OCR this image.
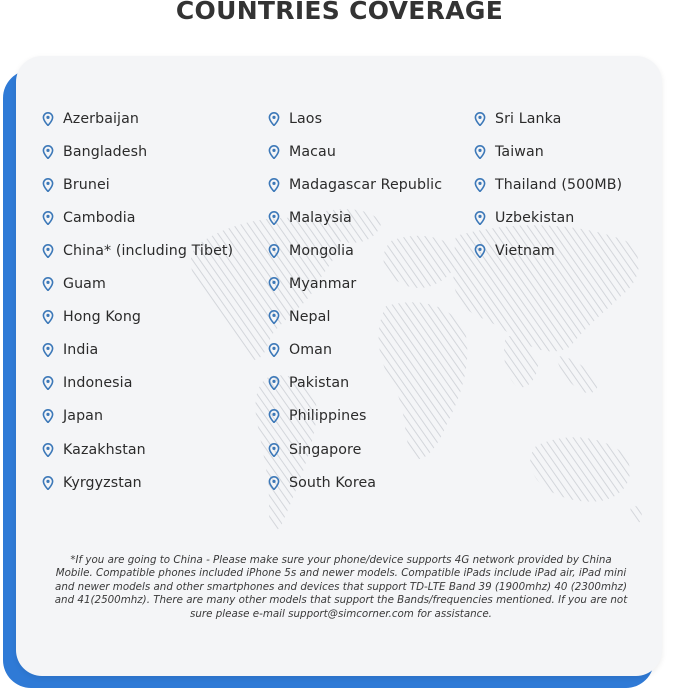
COUNTRIES COVERAGE
Azerbaijan
Bangladesh
Brunei
Cambodia
China* (including Tibet)
Guam
Hong Kong
India
Indonesia
Japan
Kazakhstan
Kyrgyzstan
Laos
Macau
Madagascar Republic
Malaysia
Mongolia
Myanmar
Nepal
Oman
Pakistan
Philippines
Singapore
South Korea
Sri Lanka
Taiwan
Thailand (500MB)
Uzbekistan
Vietnam

*If you are going to China - Please make sure your phone/device supports 4G network provided by China Mobile. Compatible phones included iPhone 5s and newer models. Compatible iPads include iPad air, iPad mini and newer models and other smartphones and devices that support TD-LTE Band 39 (1900mhz) 40 (2300mhz) and 41(2500mhz). There are many other models that support the Bands/frequencies mentioned. If you are not sure please e-mail support@simcorner.com for assistance.
